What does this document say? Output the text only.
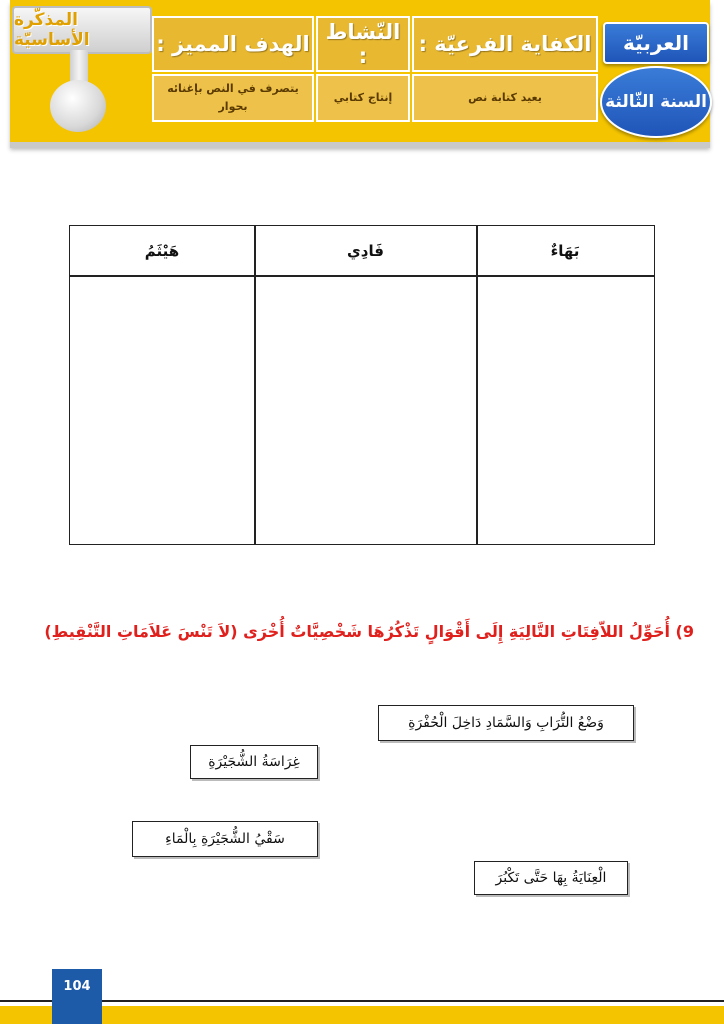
العربيّة
السنة الثّالثة
الكفاية الفرعيّة :
يعيد كتابة نص
النّشاط :
إنتاج كتابي
الهدف المميز :
يتصرف في النص بإغنائه بحوار
المذكّرة الأساسيّة
بَهَاءٌ
فَادِي
هَيْثَمُ
9) أُحَوِّلُ اللاّفِتَاتِ التَّالِيَةِ إِلَى أَقْوَالٍ تَذْكُرُهَا شَخْصِيَّاتٌ أُخْرَى (لاَ تَنْسَ عَلاَمَاتِ التَّنْقِيطِ)
وَضْعُ التُّرَابِ وَالسَّمَادِ دَاخِلَ الْحُفْرَةِ
غِرَاسَةُ الشُّجَيْرَةِ
سَقْيُ الشُّجَيْرَةِ بِالْمَاءِ
الْعِنَايَةُ بِهَا حَتَّى تَكْبُرَ
104
